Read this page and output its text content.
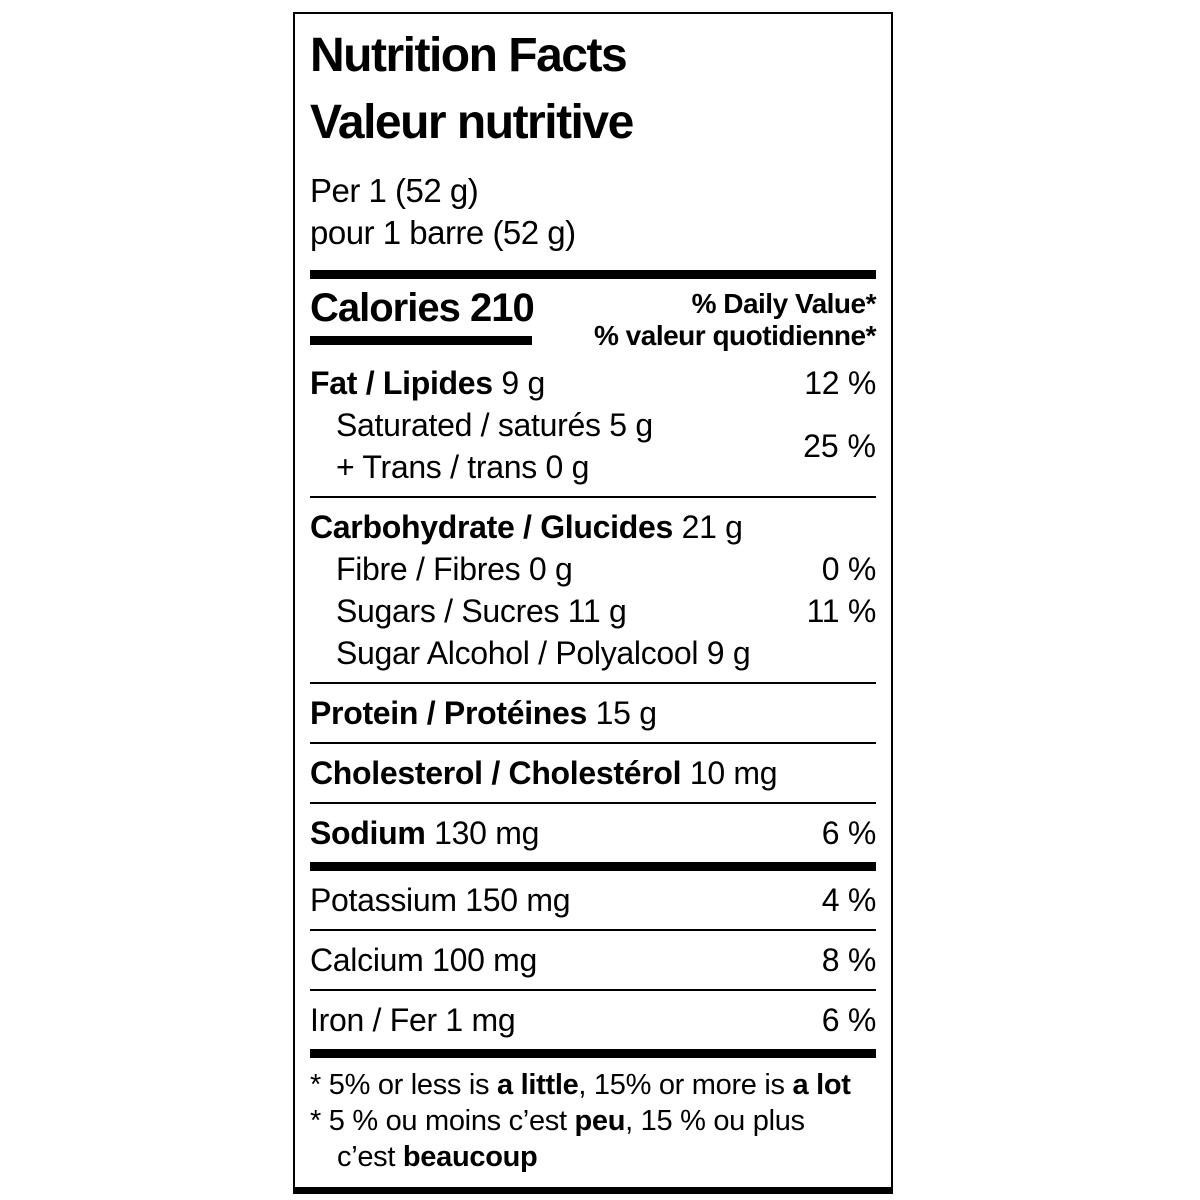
Nutrition Facts
Valeur nutritive
Per 1 (52 g)
pour 1 barre (52 g)
Calories 210	% Daily Value*
% valeur quotidienne*
Fat / Lipides 9 g	12 %
Saturated / saturés 5 g
+ Trans / trans 0 g
25 %
Carbohydrate / Glucides 21 g
Fibre / Fibres 0 g	0 %
Sugars / Sucres 11 g	11 %
Sugar Alcohol / Polyalcool 9 g
Protein / Protéines 15 g
Cholesterol / Cholestérol 10 mg
Sodium 130 mg	6 %
Potassium 150 mg	4 %
Calcium 100 mg	8 %
Iron / Fer 1 mg	6 %
* 5% or less is a little, 15% or more is a lot
* 5 % ou moins c’est peu, 15 % ou plus
c’est beaucoup
